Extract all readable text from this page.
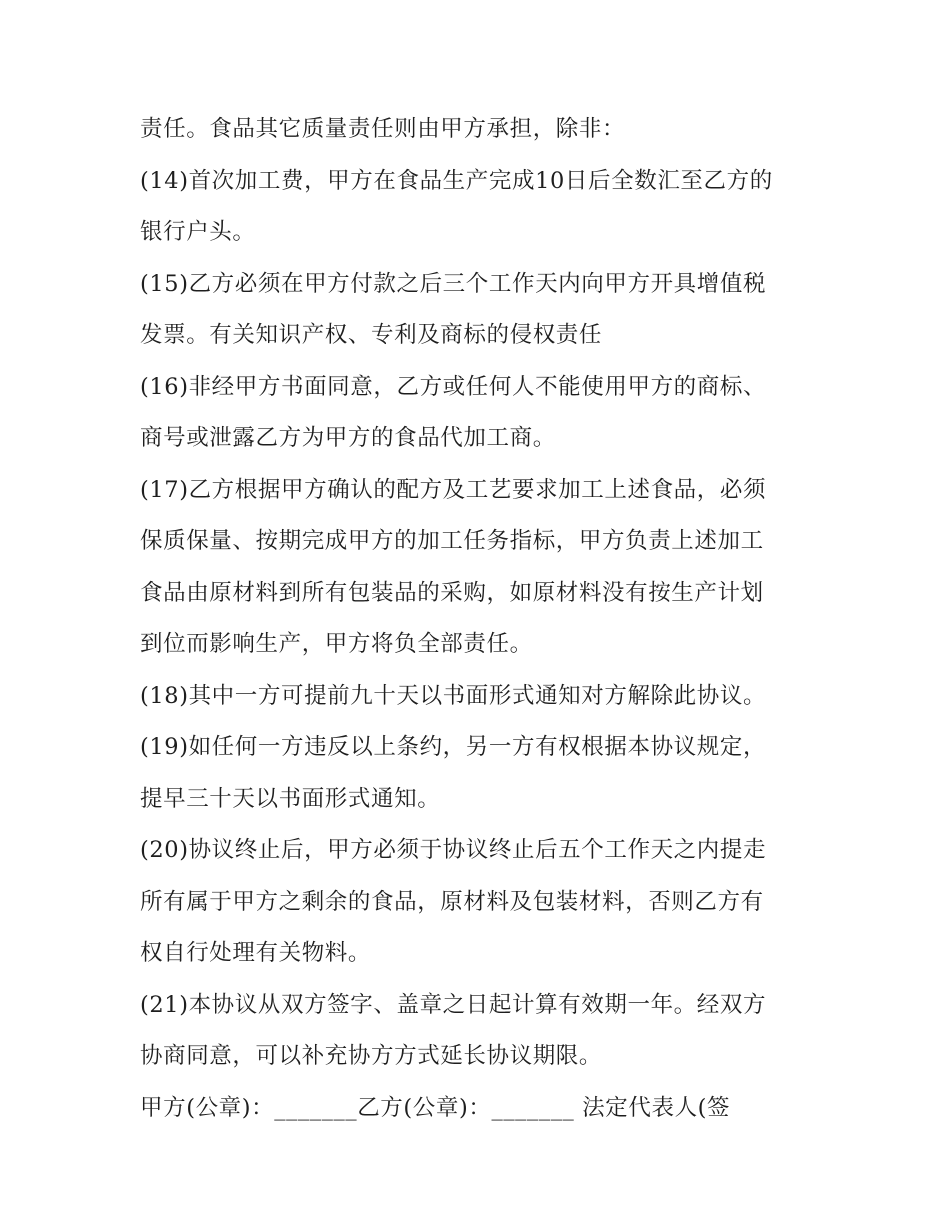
责任。食品其它质量责任则由甲方承担，除非：
(14)首次加工费，甲方在食品生产完成10日后全数汇至乙方的
银行户头。
(15)乙方必须在甲方付款之后三个工作天内向甲方开具增值税
发票。有关知识产权、专利及商标的侵权责任
(16)非经甲方书面同意，乙方或任何人不能使用甲方的商标、
商号或泄露乙方为甲方的食品代加工商。
(17)乙方根据甲方确认的配方及工艺要求加工上述食品，必须
保质保量、按期完成甲方的加工任务指标，甲方负责上述加工
食品由原材料到所有包装品的采购，如原材料没有按生产计划
到位而影响生产，甲方将负全部责任。
(18)其中一方可提前九十天以书面形式通知对方解除此协议。
(19)如任何一方违反以上条约，另一方有权根据本协议规定，
提早三十天以书面形式通知。
(20)协议终止后，甲方必须于协议终止后五个工作天之内提走
所有属于甲方之剩余的食品，原材料及包装材料，否则乙方有
权自行处理有关物料。
(21)本协议从双方签字、盖章之日起计算有效期一年。经双方
协商同意，可以补充协方方式延长协议期限。
甲方(公章)：_______乙方(公章)：_______ 法定代表人(签
